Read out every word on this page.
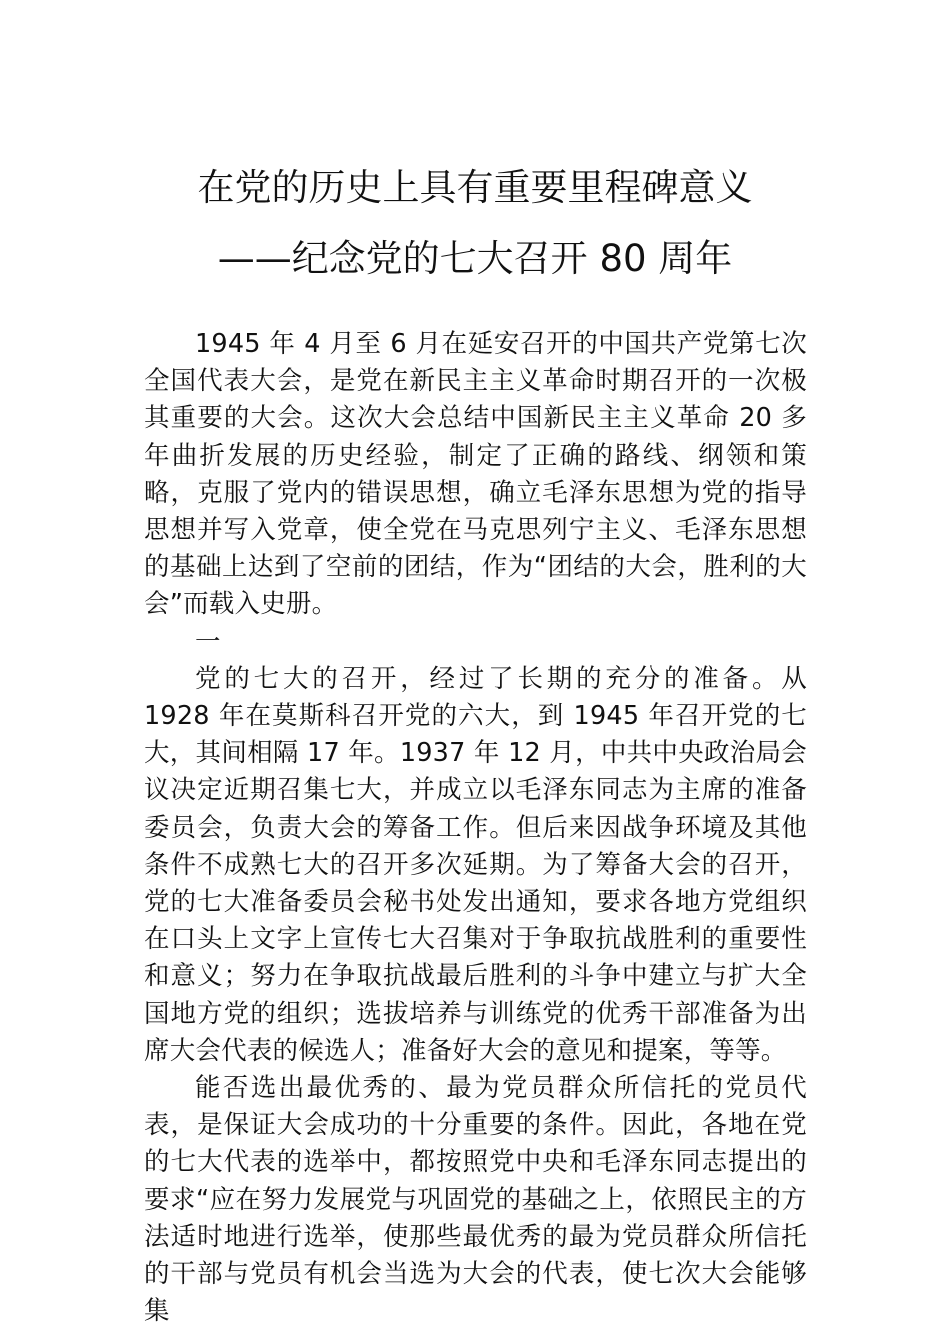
在党的历史上具有重要里程碑意义
——纪念党的七大召开 80 周年

1945 年 4 月至 6 月在延安召开的中国共产党第七次全国代表大会，是党在新民主主义革命时期召开的一次极其重要的大会。这次大会总结中国新民主主义革命 20 多年曲折发展的历史经验，制定了正确的路线、纲领和策略，克服了党内的错误思想，确立毛泽东思想为党的指导思想并写入党章，使全党在马克思列宁主义、毛泽东思想的基础上达到了空前的团结，作为“团结的大会，胜利的大会”而载入史册。

一

党的七大的召开，经过了长期的充分的准备。从 1928 年在莫斯科召开党的六大，到 1945 年召开党的七大，其间相隔 17 年。1937 年 12 月，中共中央政治局会议决定近期召集七大，并成立以毛泽东同志为主席的准备委员会，负责大会的筹备工作。但后来因战争环境及其他条件不成熟七大的召开多次延期。为了筹备大会的召开，党的七大准备委员会秘书处发出通知，要求各地方党组织在口头上文字上宣传七大召集对于争取抗战胜利的重要性和意义；努力在争取抗战最后胜利的斗争中建立与扩大全国地方党的组织；选拔培养与训练党的优秀干部准备为出席大会代表的候选人；准备好大会的意见和提案，等等。

能否选出最优秀的、最为党员群众所信托的党员代表，是保证大会成功的十分重要的条件。因此，各地在党的七大代表的选举中，都按照党中央和毛泽东同志提出的要求“应在努力发展党与巩固党的基础之上，依照民主的方法适时地进行选举，使那些最优秀的最为党员群众所信托的干部与党员有机会当选为大会的代表，使七次大会能够集
